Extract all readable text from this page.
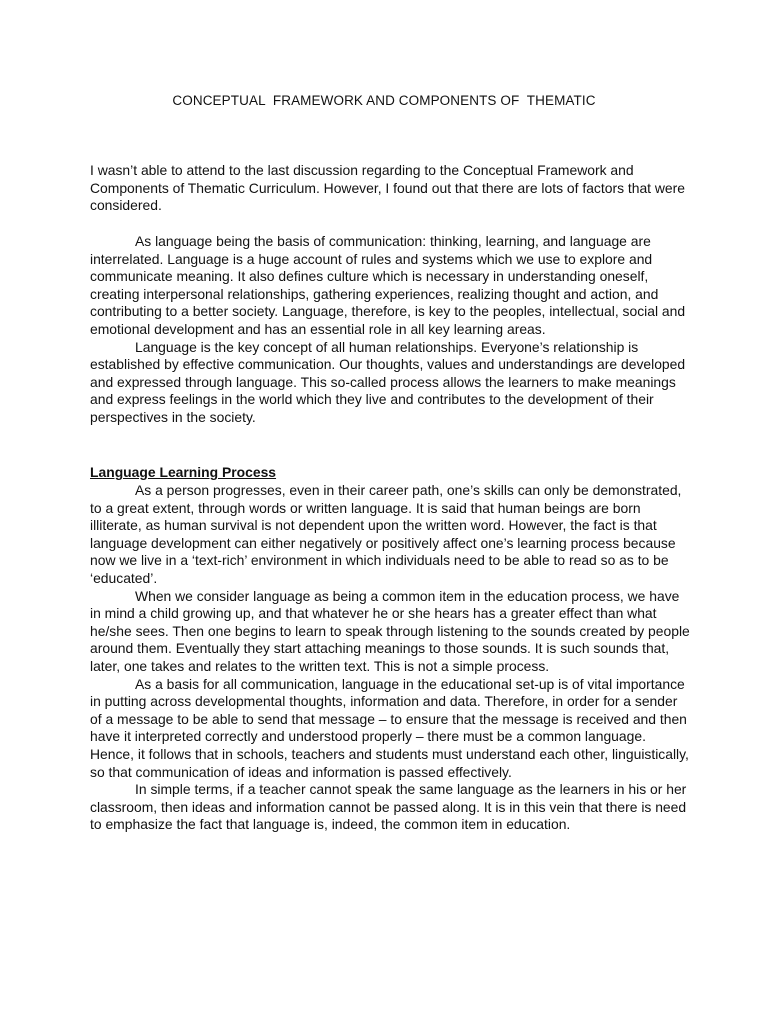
CONCEPTUAL  FRAMEWORK AND COMPONENTS OF  THEMATIC

I wasn’t able to attend to the last discussion regarding to the Conceptual Framework and Components of Thematic Curriculum. However, I found out that there are lots of factors that were considered.

As language being the basis of communication: thinking, learning, and language are interrelated. Language is a huge account of rules and systems which we use to explore and communicate meaning. It also defines culture which is necessary in understanding oneself, creating interpersonal relationships, gathering experiences, realizing thought and action, and contributing to a better society. Language, therefore, is key to the peoples, intellectual, social and emotional development and has an essential role in all key learning areas.

Language is the key concept of all human relationships. Everyone’s relationship is established by effective communication. Our thoughts, values and understandings are developed and expressed through language. This so-called process allows the learners to make meanings and express feelings in the world which they live and contributes to the development of their perspectives in the society.

Language Learning Process

As a person progresses, even in their career path, one’s skills can only be demonstrated, to a great extent, through words or written language. It is said that human beings are born illiterate, as human survival is not dependent upon the written word. However, the fact is that language development can either negatively or positively affect one’s learning process because now we live in a ‘text-rich’ environment in which individuals need to be able to read so as to be ‘educated’.

When we consider language as being a common item in the education process, we have in mind a child growing up, and that whatever he or she hears has a greater effect than what he/she sees. Then one begins to learn to speak through listening to the sounds created by people around them. Eventually they start attaching meanings to those sounds. It is such sounds that, later, one takes and relates to the written text. This is not a simple process.

As a basis for all communication, language in the educational set-up is of vital importance in putting across developmental thoughts, information and data. Therefore, in order for a sender of a message to be able to send that message – to ensure that the message is received and then have it interpreted correctly and understood properly – there must be a common language. Hence, it follows that in schools, teachers and students must understand each other, linguistically, so that communication of ideas and information is passed effectively.

In simple terms, if a teacher cannot speak the same language as the learners in his or her classroom, then ideas and information cannot be passed along. It is in this vein that there is need to emphasize the fact that language is, indeed, the common item in education.
